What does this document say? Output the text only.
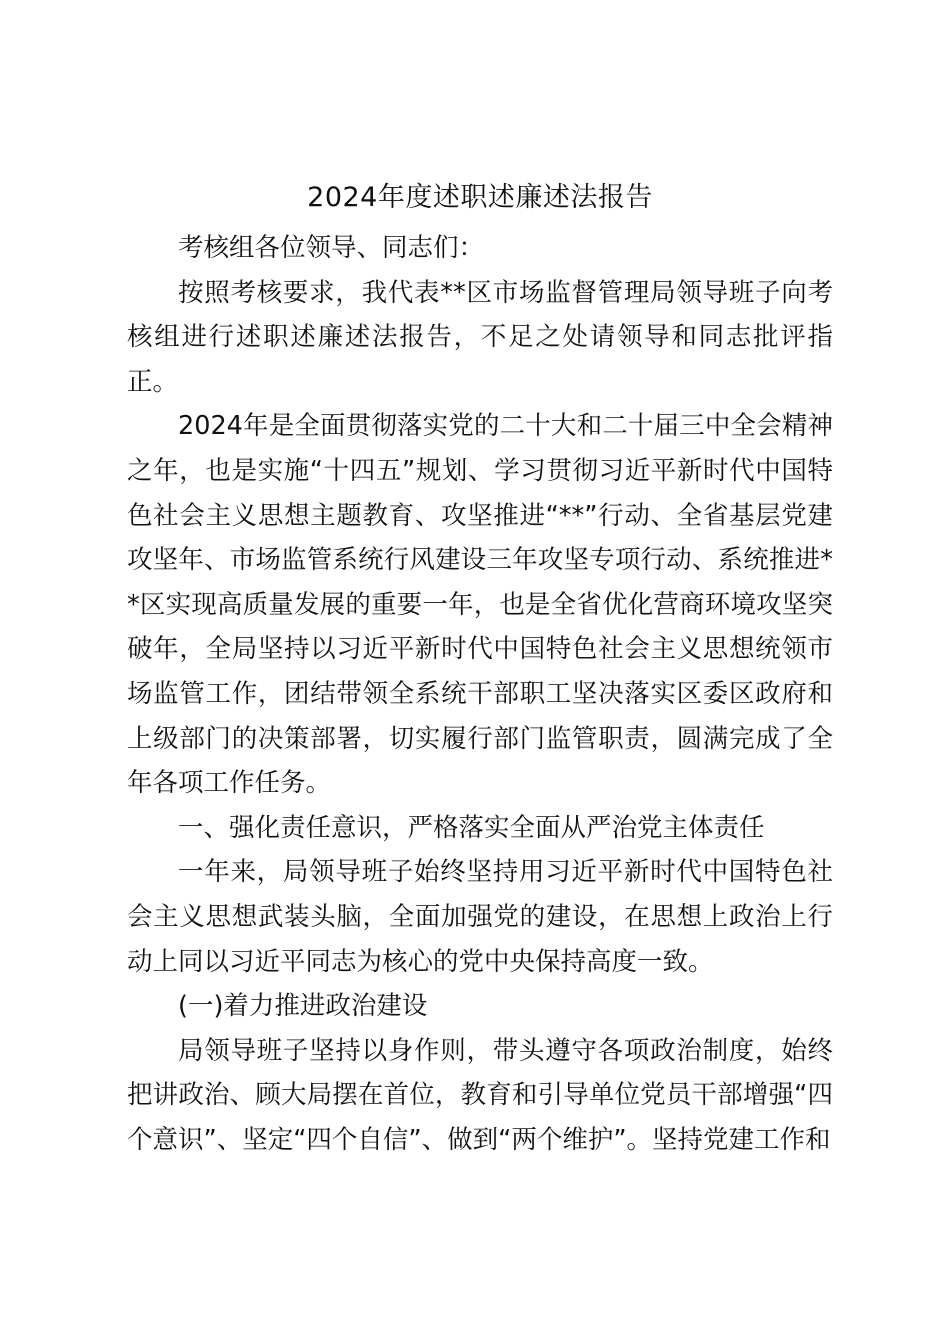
2024年度述职述廉述法报告

考核组各位领导、同志们：

按照考核要求，我代表**区市场监督管理局领导班子向考核组进行述职述廉述法报告，不足之处请领导和同志批评指正。

2024年是全面贯彻落实党的二十大和二十届三中全会精神之年，也是实施“十四五”规划、学习贯彻习近平新时代中国特色社会主义思想主题教育、攻坚推进“**”行动、全省基层党建攻坚年、市场监管系统行风建设三年攻坚专项行动、系统推进**区实现高质量发展的重要一年，也是全省优化营商环境攻坚突破年，全局坚持以习近平新时代中国特色社会主义思想统领市场监管工作，团结带领全系统干部职工坚决落实区委区政府和上级部门的决策部署，切实履行部门监管职责，圆满完成了全年各项工作任务。

一、强化责任意识，严格落实全面从严治党主体责任

一年来，局领导班子始终坚持用习近平新时代中国特色社会主义思想武装头脑，全面加强党的建设，在思想上政治上行动上同以习近平同志为核心的党中央保持高度一致。

(一)着力推进政治建设

局领导班子坚持以身作则，带头遵守各项政治制度，始终把讲政治、顾大局摆在首位，教育和引导单位党员干部增强“四个意识”、坚定“四个自信”、做到“两个维护”。坚持党建工作和
